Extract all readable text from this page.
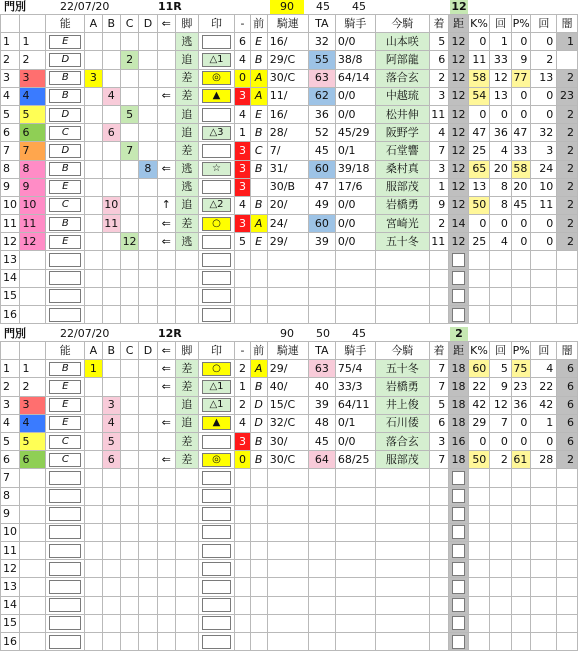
門別	22/07/20	11R	90	45 45	12
		能	A	B	C	D	⇐	脚	印	-	前	騎連	TA	騎手	今騎	着	距	K%	回	P%	回	闇
1	1	E						逃		6	E	16/	32	0/0	山本咲	5	12	0	1	0	0	1
2	2	D			2			追	△1	4	B	29/C	55	38/8	阿部龍	6	12	11	33	9	2	
3	3	B	3					差	◎	0	A	30/C	63	64/14	落合玄	2	12	58	12	77	13	2
4	4	B		4			⇐	差	▲	3	A	11/	62	0/0	中越琉	3	12	54	13	0	0	23
5	5	D			5			追		4	E	16/	36	0/0	松井伸	11	12	0	0	0	0	2
6	6	C		6				追	△3	1	B	28/	52	45/29	阪野学	4	12	47	36	47	32	2
7	7	D			7			差		3	C	7/	45	0/1	石堂響	7	12	25	4	33	3	2
8	8	B				8	⇐	逃	☆	3	B	31/	60	39/18	桑村真	3	12	65	20	58	24	2
9	9	E						逃		3		30/B	47	17/6	服部茂	1	12	13	8	20	10	2
10	10	C		10			↑	追	△2	4	B	20/	49	0/0	岩橋勇	9	12	50	8	45	11	2
11	11	B		11			⇐	差	○	3	A	24/	60	0/0	宮崎光	2	14	0	0	0	0	2
12	12	E			12		⇐	逃		5	E	29/	39	0/0	五十冬	11	12	25	4	0	0	2
13		

14		

15		

16		

門別	22/07/20	12R	90 50 45	2
		能	A	B	C	D	⇐	脚	印	-	前	騎連	TA	騎手	今騎	着	距	K%	回	P%	回	闇
1	1	B	1				⇐	差	○	2	A	29/	63	75/4	五十冬	7	18	60	5	75	4	6
2	2	E					⇐	差	△1	1	B	40/	40	33/3	岩橋勇	7	18	22	9	23	22	6
3	3	E		3				追	△1	2	D	15/C	39	64/11	井上俊	5	18	42	12	36	42	6
4	4	E		4			⇐	追	▲	4	D	32/C	48	0/1	石川倭	6	18	29	7	0	1	6
5	5	C		5				差		3	B	30/	45	0/0	落合玄	3	16	0	0	0	0	6
6	6	C		6			⇐	差	◎	0	B	30/C	64	68/25	服部茂	7	18	50	2	61	28	2
7		

8		

9		

10		

11		

12		

13		

14		

15		

16		
